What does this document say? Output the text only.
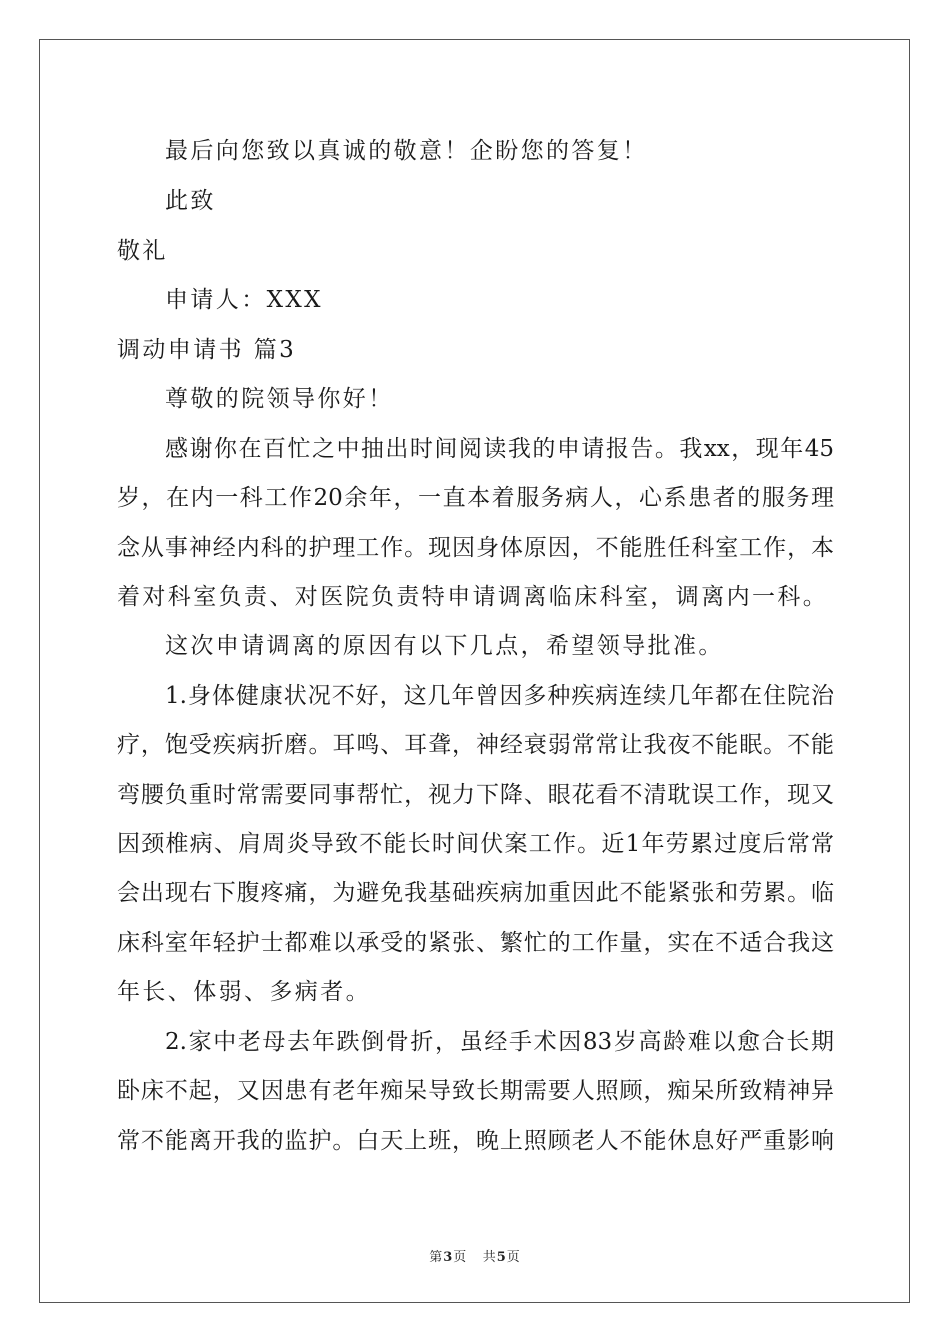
最后向您致以真诚的敬意！企盼您的答复！
此致
敬礼
申请人：XXX
调动申请书 篇3
尊敬的院领导你好！
感谢你在百忙之中抽出时间阅读我的申请报告。我xx，现年45
岁，在内一科工作20余年，一直本着服务病人，心系患者的服务理
念从事神经内科的护理工作。现因身体原因，不能胜任科室工作，本
着对科室负责、对医院负责特申请调离临床科室，调离内一科。
这次申请调离的原因有以下几点，希望领导批准。
1.身体健康状况不好，这几年曾因多种疾病连续几年都在住院治
疗，饱受疾病折磨。耳鸣、耳聋，神经衰弱常常让我夜不能眠。不能
弯腰负重时常需要同事帮忙，视力下降、眼花看不清耽误工作，现又
因颈椎病、肩周炎导致不能长时间伏案工作。近1年劳累过度后常常
会出现右下腹疼痛，为避免我基础疾病加重因此不能紧张和劳累。临
床科室年轻护士都难以承受的紧张、繁忙的工作量，实在不适合我这
年长、体弱、多病者。
2.家中老母去年跌倒骨折，虽经手术因83岁高龄难以愈合长期
卧床不起，又因患有老年痴呆导致长期需要人照顾，痴呆所致精神异
常不能离开我的监护。白天上班，晚上照顾老人不能休息好严重影响
第3页 共5页
